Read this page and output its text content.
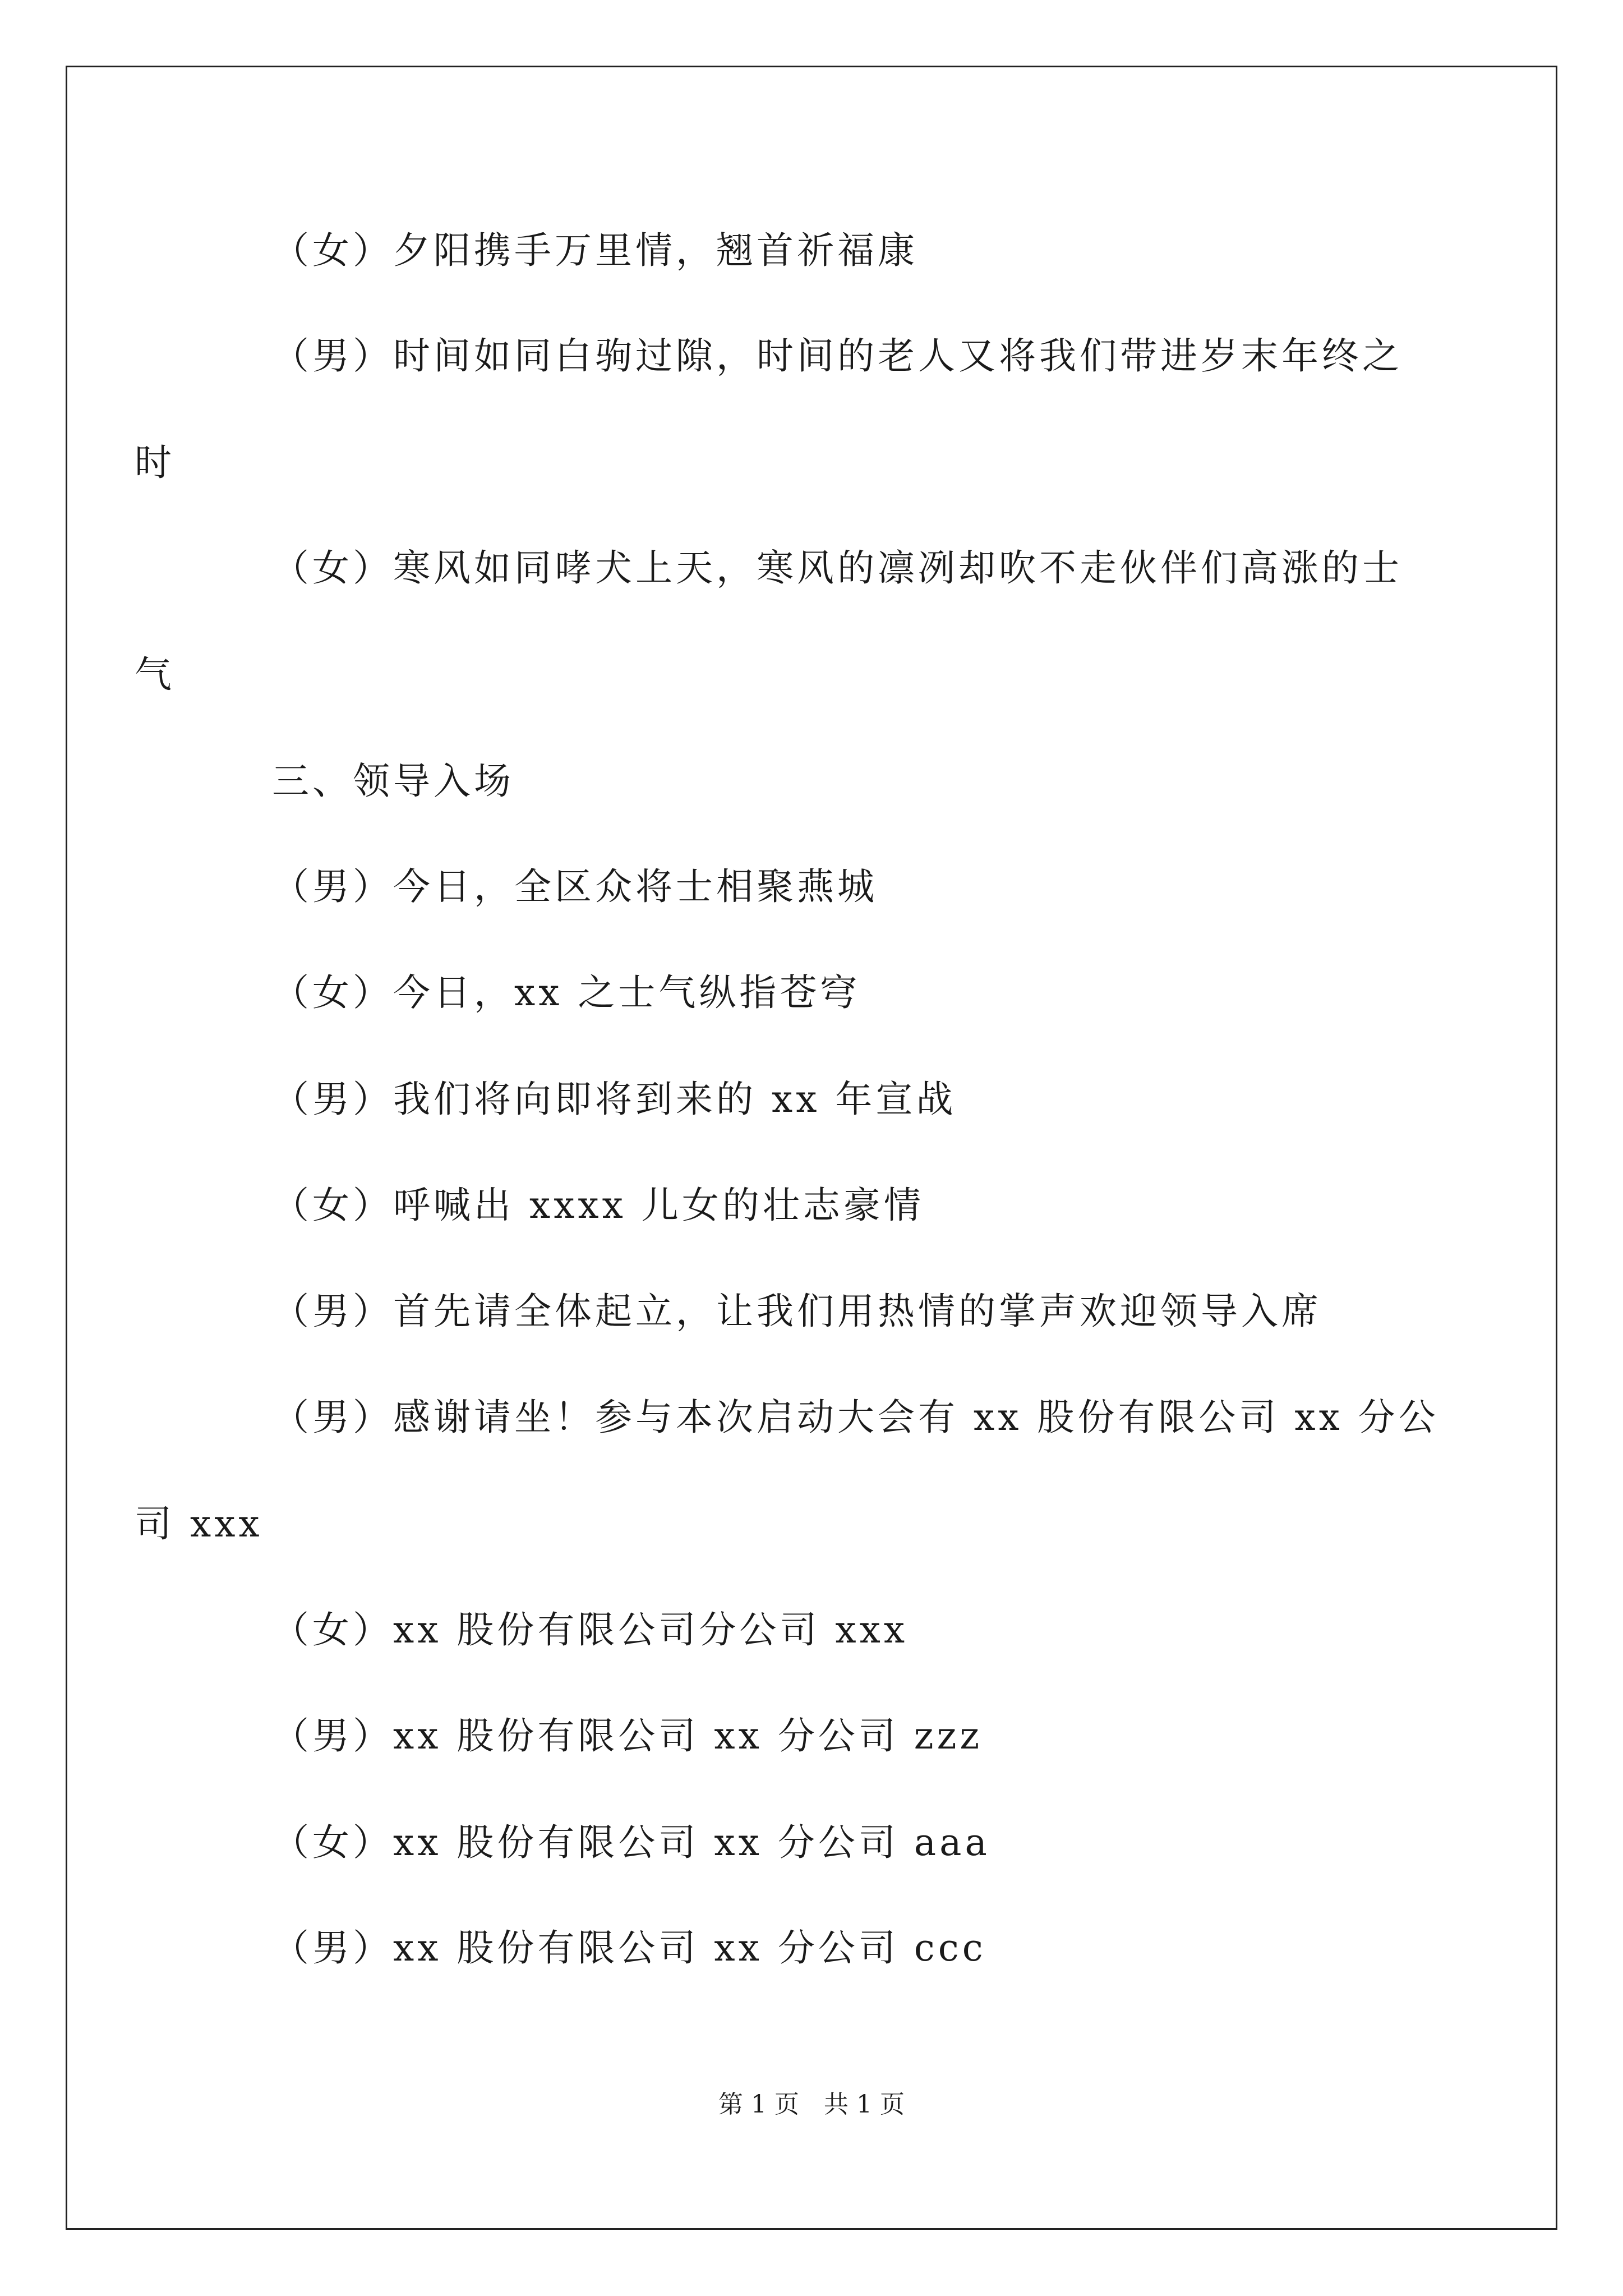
（女）夕阳携手万里情，翘首祈福康
（男）时间如同白驹过隙，时间的老人又将我们带进岁末年终之
时
（女）寒风如同哮犬上天，寒风的凛冽却吹不走伙伴们高涨的士
气
三、领导入场
（男）今日，全区众将士相聚燕城
（女）今日，xx 之士气纵指苍穹
（男）我们将向即将到来的 xx 年宣战
（女）呼喊出 xxxx 儿女的壮志豪情
（男）首先请全体起立，让我们用热情的掌声欢迎领导入席
（男）感谢请坐！参与本次启动大会有 xx 股份有限公司 xx 分公
司 xxx
（女）xx 股份有限公司分公司 xxx
（男）xx 股份有限公司 xx 分公司 zzz
（女）xx 股份有限公司 xx 分公司 aaa
（男）xx 股份有限公司 xx 分公司 ccc
第 1 页　共 1 页
